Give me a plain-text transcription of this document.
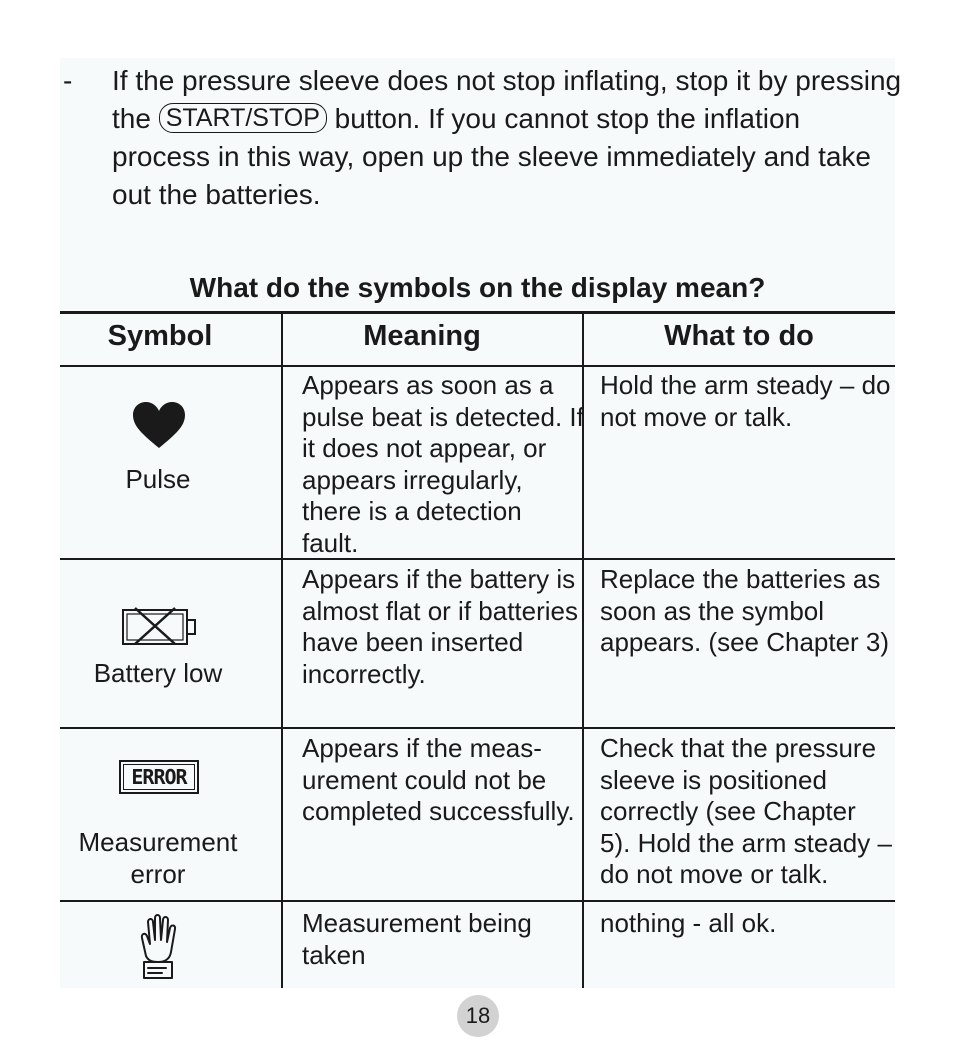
- If the pressure sleeve does not stop inflating, stop it by pressing the START/STOP button. If you cannot stop the inflation process in this way, open up the sleeve immediately and take out the batteries.
What do the symbols on the display mean?
Symbol	Meaning	What to do
Pulse
Appears as soon as a pulse beat is detected. If it does not appear, or appears irregularly, there is a detection fault.
Hold the arm steady – do not move or talk.
Battery low
Appears if the battery is almost flat or if batteries have been inserted incorrectly.
Replace the batteries as soon as the symbol appears. (see Chapter 3)
ERROR
Measurement error
Appears if the meas-urement could not be completed successfully.
Check that the pressure sleeve is positioned correctly (see Chapter 5). Hold the arm steady – do not move or talk.
Measurement being taken
nothing - all ok.
18
